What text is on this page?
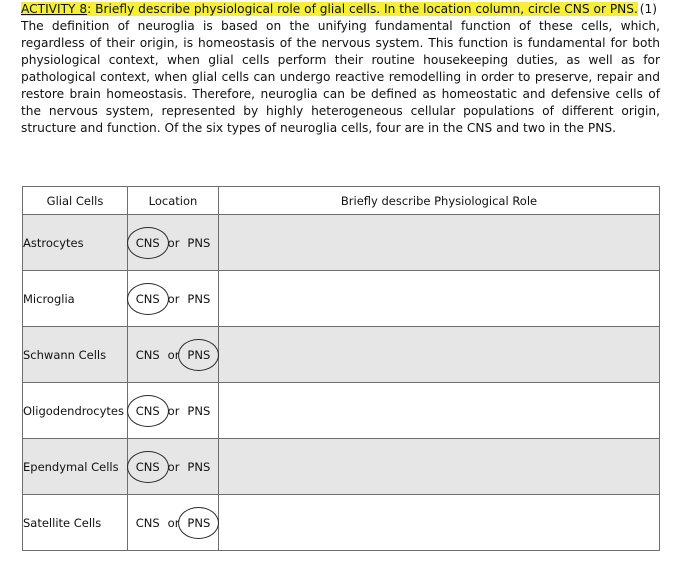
ACTIVITY 8: Briefly describe physiological role of glial cells. In the location column, circle CNS or PNS. (1)

The definition of neuroglia is based on the unifying fundamental function of these cells, which, regardless of their origin, is homeostasis of the nervous system. This function is fundamental for both physiological context, when glial cells perform their routine housekeeping duties, as well as for pathological context, when glial cells can undergo reactive remodelling in order to preserve, repair and restore brain homeostasis. Therefore, neuroglia can be defined as homeostatic and defensive cells of the nervous system, represented by highly heterogeneous cellular populations of different origin, structure and function. Of the six types of neuroglia cells, four are in the CNS and two in the PNS.

Glial Cells	Location	Briefly describe Physiological Role
Astrocytes	CNS or PNS	
Microglia	CNS or PNS	
Schwann Cells	CNS or PNS	
Oligodendrocytes	CNS or PNS	
Ependymal Cells	CNS or PNS	
Satellite Cells	CNS or PNS	
